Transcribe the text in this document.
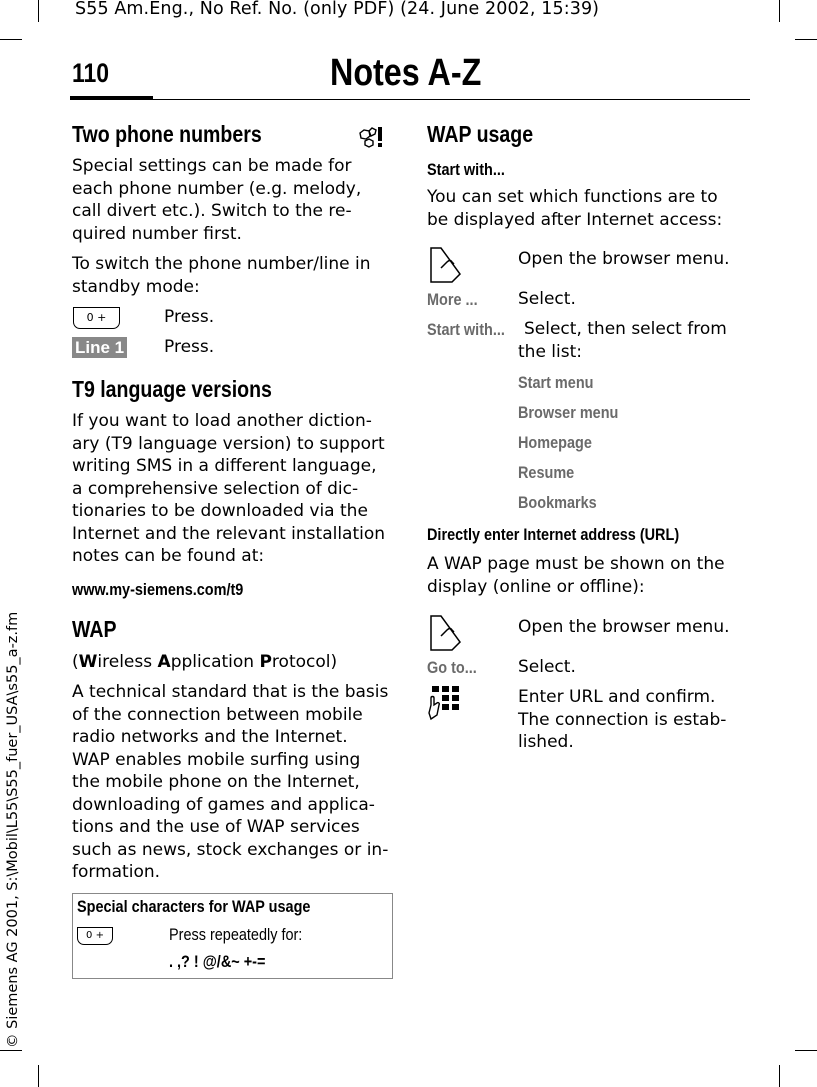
S55 Am.Eng., No Ref. No. (only PDF) (24. June 2002, 15:39)
© Siemens AG 2001, S:\Mobil\L55\S55_fuer_USA\s55_a-z.fm
110	Notes A-Z
Two phone numbers
Special settings can be made for
each phone number (e.g. melody,
call divert etc.). Switch to the re-
quired number first.
To switch the phone number/line in
standby mode:
0 +	Press.
Line 1 Press.
T9 language versions
If you want to load another diction-
ary (T9 language version) to support
writing SMS in a different language,
a comprehensive selection of dic-
tionaries to be downloaded via the
Internet and the relevant installation
notes can be found at:
www.my-siemens.com/t9
WAP
(Wireless Application Protocol)
A technical standard that is the basis
of the connection between mobile
radio networks and the Internet.
WAP enables mobile surfing using
the mobile phone on the Internet,
downloading of games and applica-
tions and the use of WAP services
such as news, stock exchanges or in-
formation.
Special characters for WAP usage
0 +	Press repeatedly for:
. ,? ! @/&~ +-=
WAP usage
Start with...
You can set which functions are to
be displayed after Internet access:
Open the browser menu.
More ... Select.
Start with... Select, then select from
the list:
Start menu
Browser menu
Homepage
Resume
Bookmarks
Directly enter Internet address (URL)
A WAP page must be shown on the
display (online or offline):
Open the browser menu.
Go to... Select.
Enter URL and confirm.
The connection is estab-
lished.
